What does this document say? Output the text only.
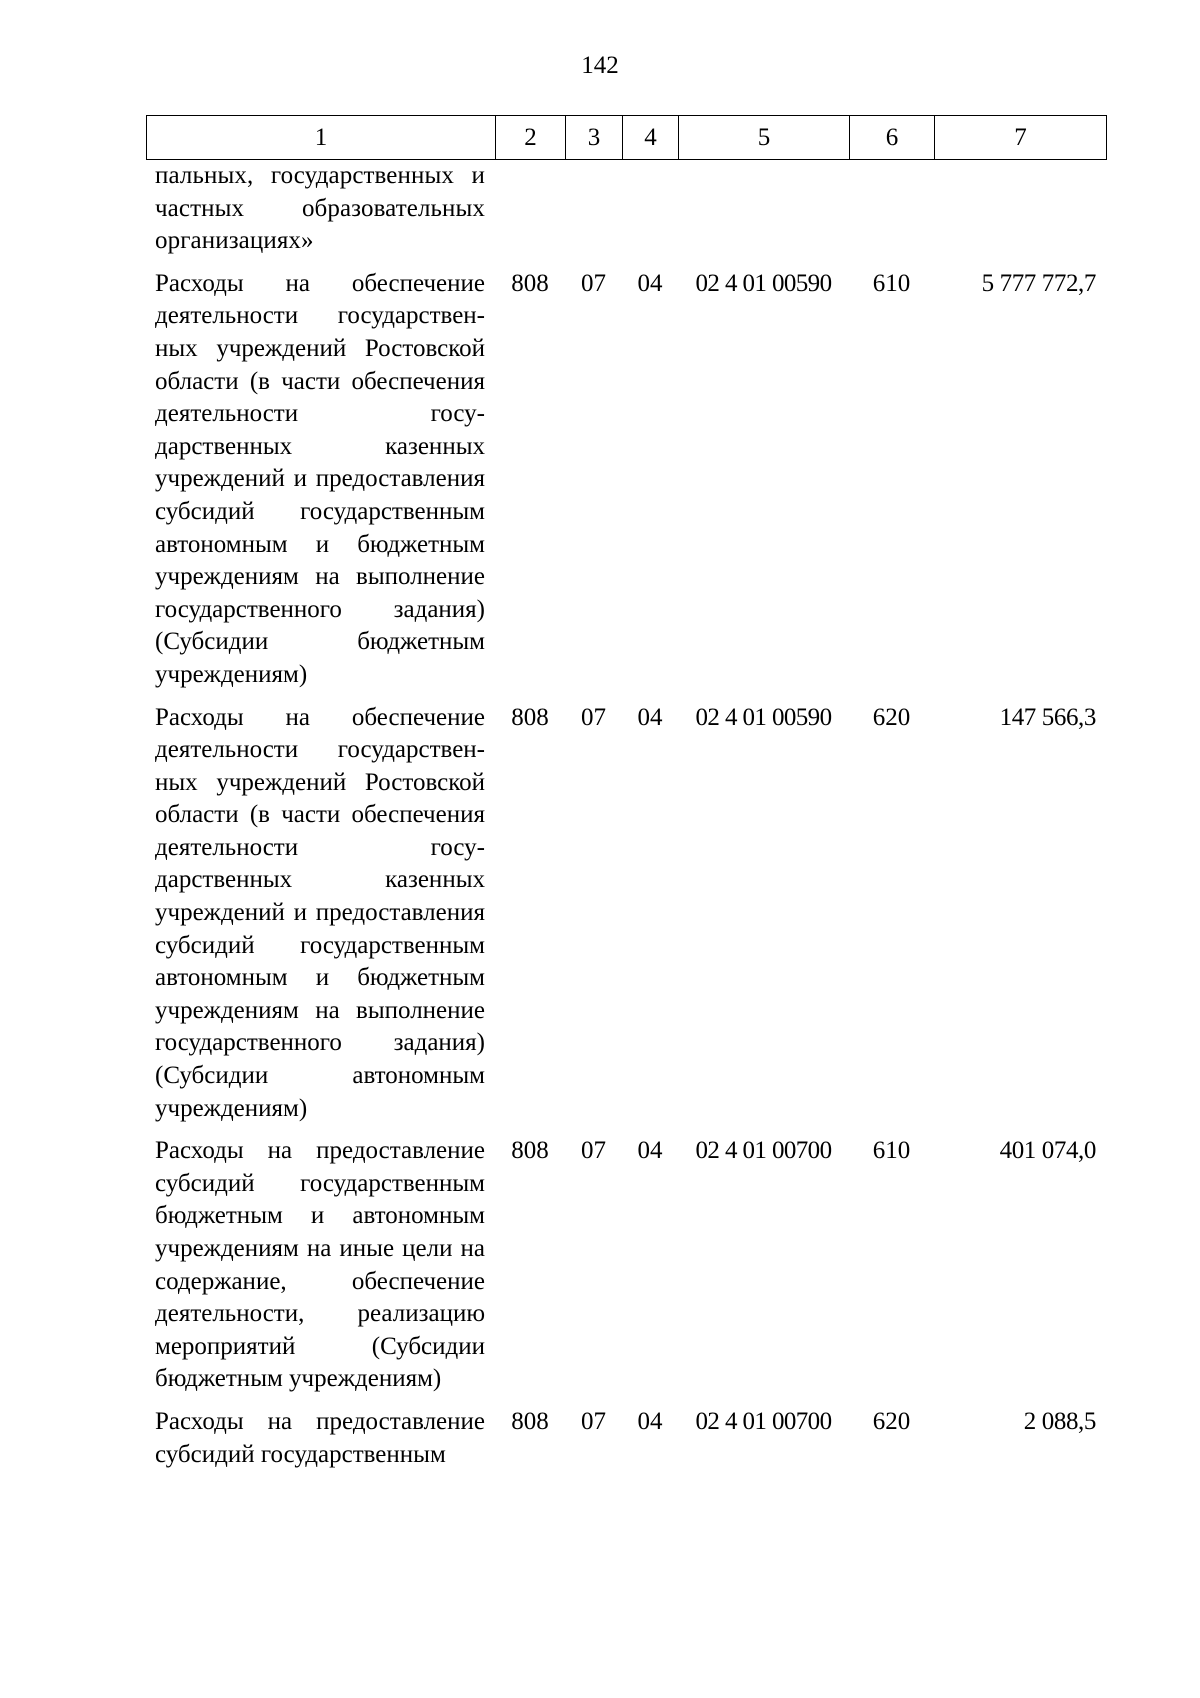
142
1	2	3	4	5	6	7
пальных, государственных и частных образовательных организациях»						
Расходы на обеспечение деятельности государственных учреждений Ростовской области (в части обеспечения деятельности государственных казенных учреждений и предоставления субсидий государственным автономным и бюджетным учреждениям на выполнение государственного задания) (Субсидии бюджетным учреждениям)	808	07	04	02 4 01 00590	610	5 777 772,7
Расходы на обеспечение деятельности государственных учреждений Ростовской области (в части обеспечения деятельности государственных казенных учреждений и предоставления субсидий государственным автономным и бюджетным учреждениям на выполнение государственного задания) (Субсидии автономным учреждениям)	808	07	04	02 4 01 00590	620	147 566,3
Расходы на предоставление субсидий государственным бюджетным и автономным учреждениям на иные цели на содержание, обеспечение деятельности, реализацию мероприятий (Субсидии бюджетным учреждениям)	808	07	04	02 4 01 00700	610	401 074,0
Расходы на предоставление субсидий государственным	808	07	04	02 4 01 00700	620	2 088,5
